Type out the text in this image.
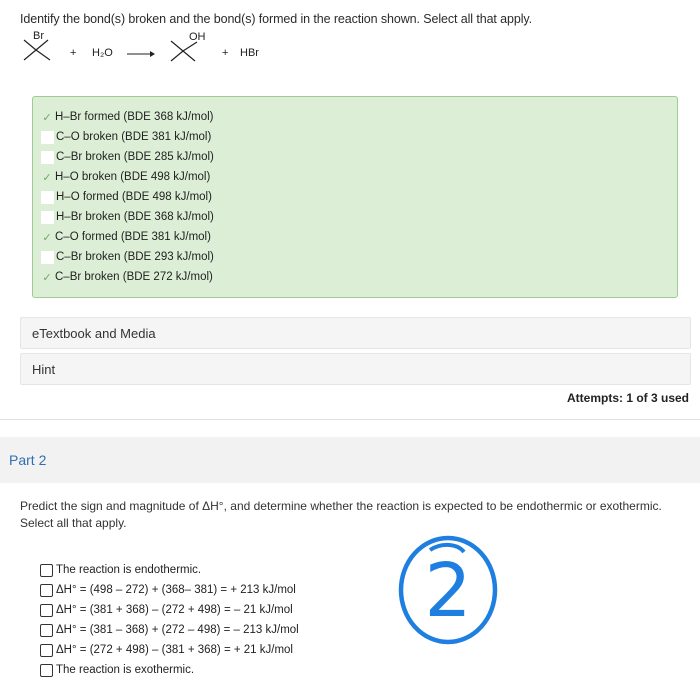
Identify the bond(s) broken and the bond(s) formed in the reaction shown. Select all that apply.
Br
+ H₂O
OH
+ HBr
✓ H–Br formed (BDE 368 kJ/mol)
C–O broken (BDE 381 kJ/mol)
C–Br broken (BDE 285 kJ/mol)
✓ H–O broken (BDE 498 kJ/mol)
H–O formed (BDE 498 kJ/mol)
H–Br broken (BDE 368 kJ/mol)
✓ C–O formed (BDE 381 kJ/mol)
C–Br broken (BDE 293 kJ/mol)
✓ C–Br broken (BDE 272 kJ/mol)
eTextbook and Media
Hint
Attempts: 1 of 3 used
Part 2
Predict the sign and magnitude of ΔH°, and determine whether the reaction is expected to be endothermic or exothermic. Select all that apply.
The reaction is endothermic.
ΔH° = (498 – 272) + (368– 381) = + 213 kJ/mol
ΔH° = (381 + 368) – (272 + 498) = – 21 kJ/mol
ΔH° = (381 – 368) + (272 – 498) = – 213 kJ/mol
ΔH° = (272 + 498) – (381 + 368) = + 21 kJ/mol
The reaction is exothermic.
2
